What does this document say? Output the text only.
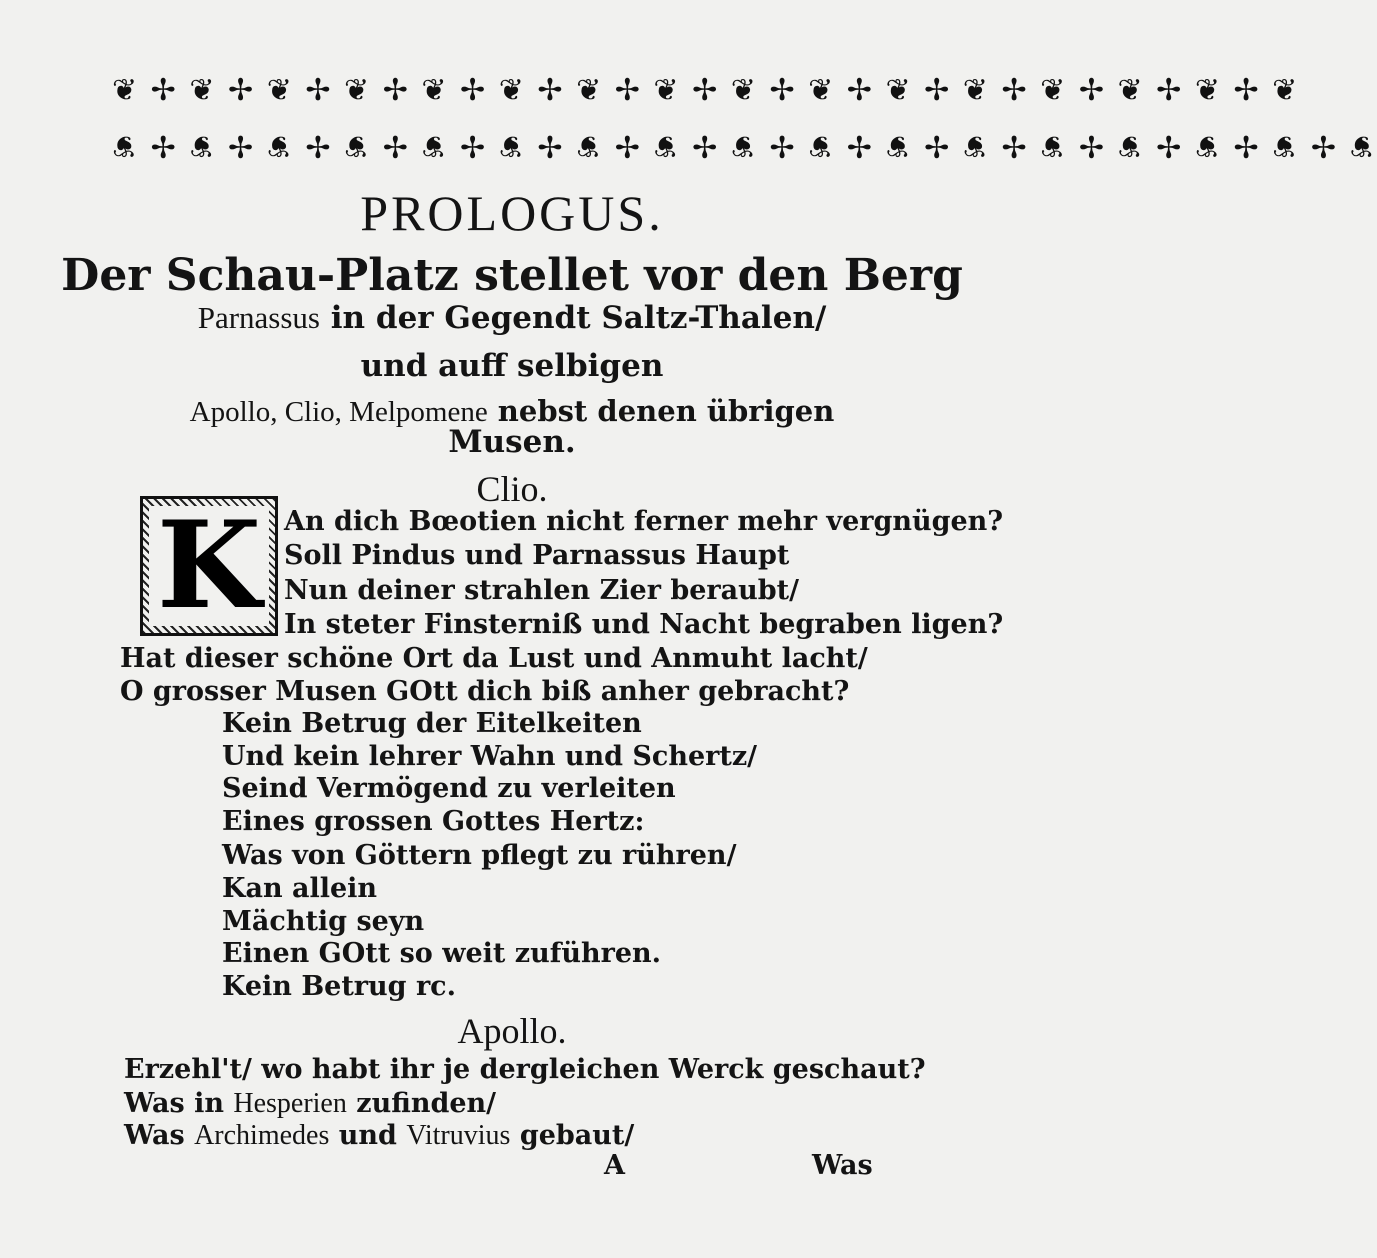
❦ ✢ ❦ ✢ ❦ ✢ ❦ ✢ ❦ ✢ ❦ ✢ ❦ ✢ ❦ ✢ ❦ ✢ ❦ ✢ ❦ ✢ ❦ ✢ ❦ ✢ ❦ ✢ ❦ ✢ ❦
❦ ✢ ❦ ✢ ❦ ✢ ❦ ✢ ❦ ✢ ❦ ✢ ❦ ✢ ❦ ✢ ❦ ✢ ❦ ✢ ❦ ✢ ❦ ✢ ❦ ✢ ❦ ✢ ❦ ✢ ❦ ✢ ❦
PROLOGUS.
Der Schau-Platz stellet vor den Berg
Parnassus in der Gegendt Saltz-Thalen/
und auff selbigen
Apollo, Clio, Melpomene nebst denen übrigen
Musen.
Clio.
K An dich Bœotien nicht ferner mehr vergnügen?
Soll Pindus und Parnassus Haupt
Nun deiner strahlen Zier beraubt/
In steter Finsterniß und Nacht begraben ligen?
Hat dieser schöne Ort da Lust und Anmuht lacht/
O grosser Musen GOtt dich biß anher gebracht?
Kein Betrug der Eitelkeiten
Und kein lehrer Wahn und Schertz/
Seind Vermögend zu verleiten
Eines grossen Gottes Hertz:
Was von Göttern pflegt zu rühren/
Kan allein
Mächtig seyn
Einen GOtt so weit zuführen.
Kein Betrug rc.
Apollo.
Erzehl't/ wo habt ihr je dergleichen Werck geschaut?
Was in Hesperien zufinden/
Was Archimedes und Vitruvius gebaut/
A	Was
